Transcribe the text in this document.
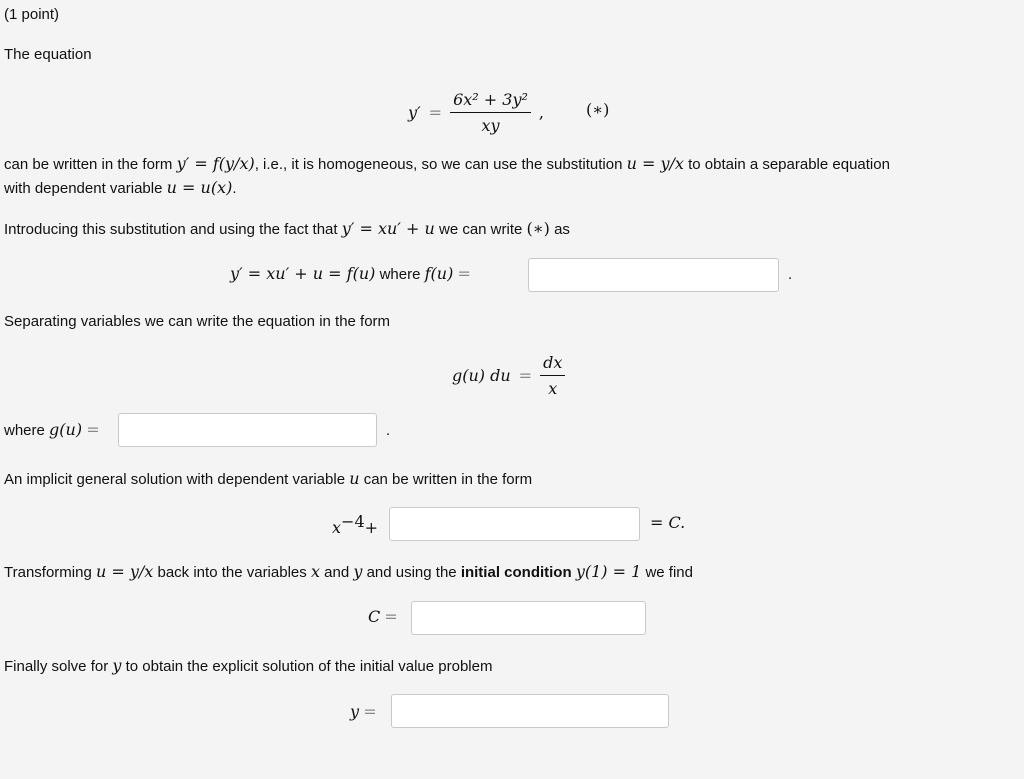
(1 point)
The equation
$y' = \frac{\text{6x² + 3y²}}{xy}$ ,	(∗)
can be written in the form y′ = f(y/x), i.e., it is homogeneous, so we can use the substitution u = y/x to obtain a separable equation
with dependent variable u = u(x).
Introducing this substitution and using the fact that y′ = xu′ + u we can write (∗) as
y′ = xu′ + u = f(u) where f(u) =	.
Separating variables we can write the equation in the form
g(u) du = $\frac{dx}{x}$
where g(u) =	.
An implicit general solution with dependent variable u can be written in the form
$x^{-4}+$	= C.
Transforming u = y/x back into the variables x and y and using the initial condition y(1) = 1 we find
C =
Finally solve for y to obtain the explicit solution of the initial value problem
y =
